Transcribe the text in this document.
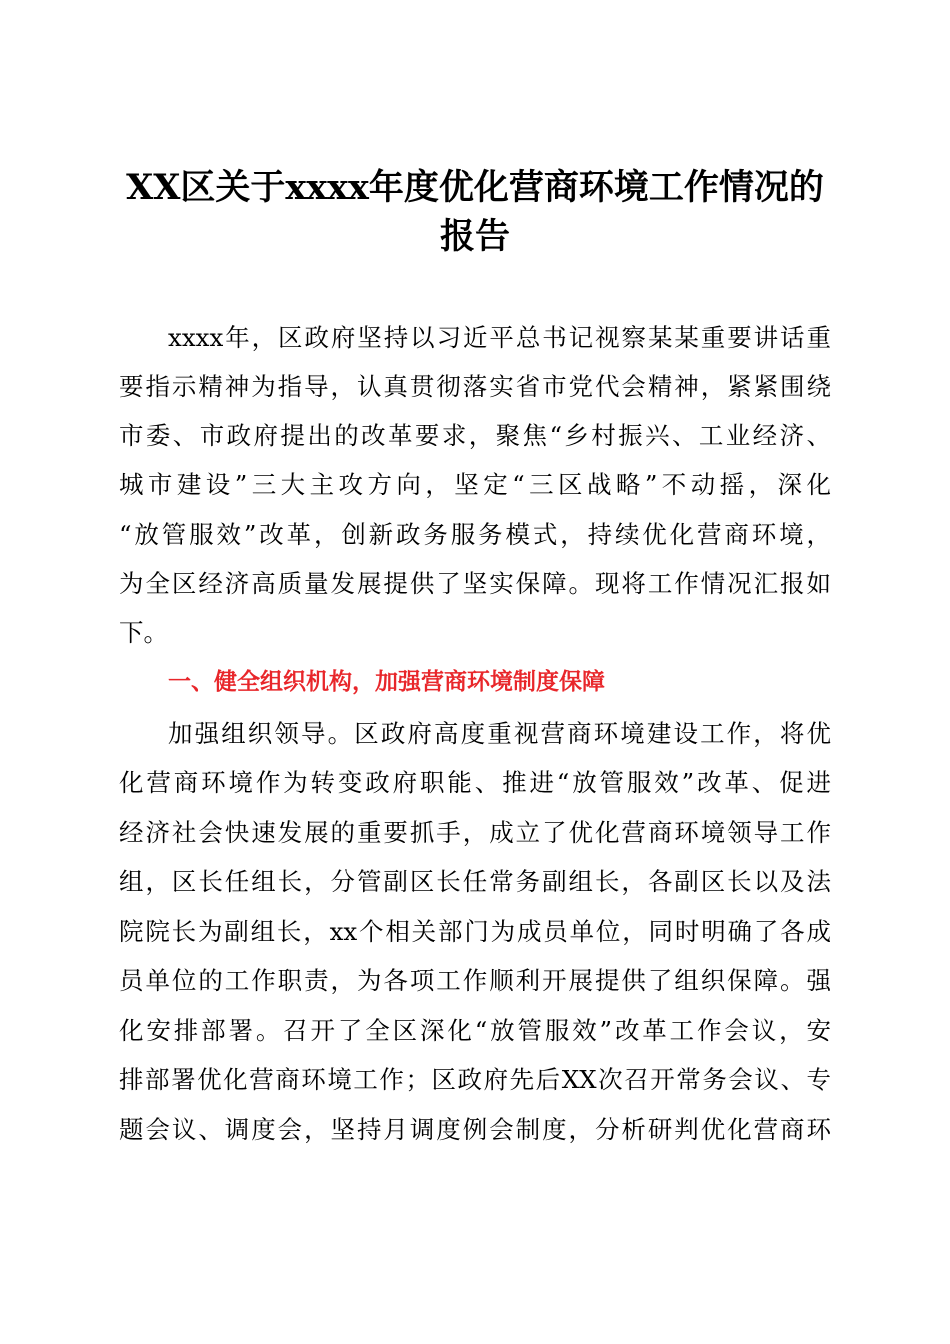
XX区关于xxxx年度优化营商环境工作情况的
报告
xxxx年，区政府坚持以习近平总书记视察某某重要讲话重
要指示精神为指导，认真贯彻落实省市党代会精神，紧紧围绕
市委、市政府提出的改革要求，聚焦“乡村振兴、工业经济、
城市建设”三大主攻方向，坚定“三区战略”不动摇，深化
“放管服效”改革，创新政务服务模式，持续优化营商环境，
为全区经济高质量发展提供了坚实保障。现将工作情况汇报如
下。
一、健全组织机构，加强营商环境制度保障
加强组织领导。区政府高度重视营商环境建设工作，将优
化营商环境作为转变政府职能、推进“放管服效”改革、促进
经济社会快速发展的重要抓手，成立了优化营商环境领导工作
组，区长任组长，分管副区长任常务副组长，各副区长以及法
院院长为副组长，xx个相关部门为成员单位，同时明确了各成
员单位的工作职责，为各项工作顺利开展提供了组织保障。强
化安排部署。召开了全区深化“放管服效”改革工作会议，安
排部署优化营商环境工作；区政府先后XX次召开常务会议、专
题会议、调度会，坚持月调度例会制度，分析研判优化营商环
